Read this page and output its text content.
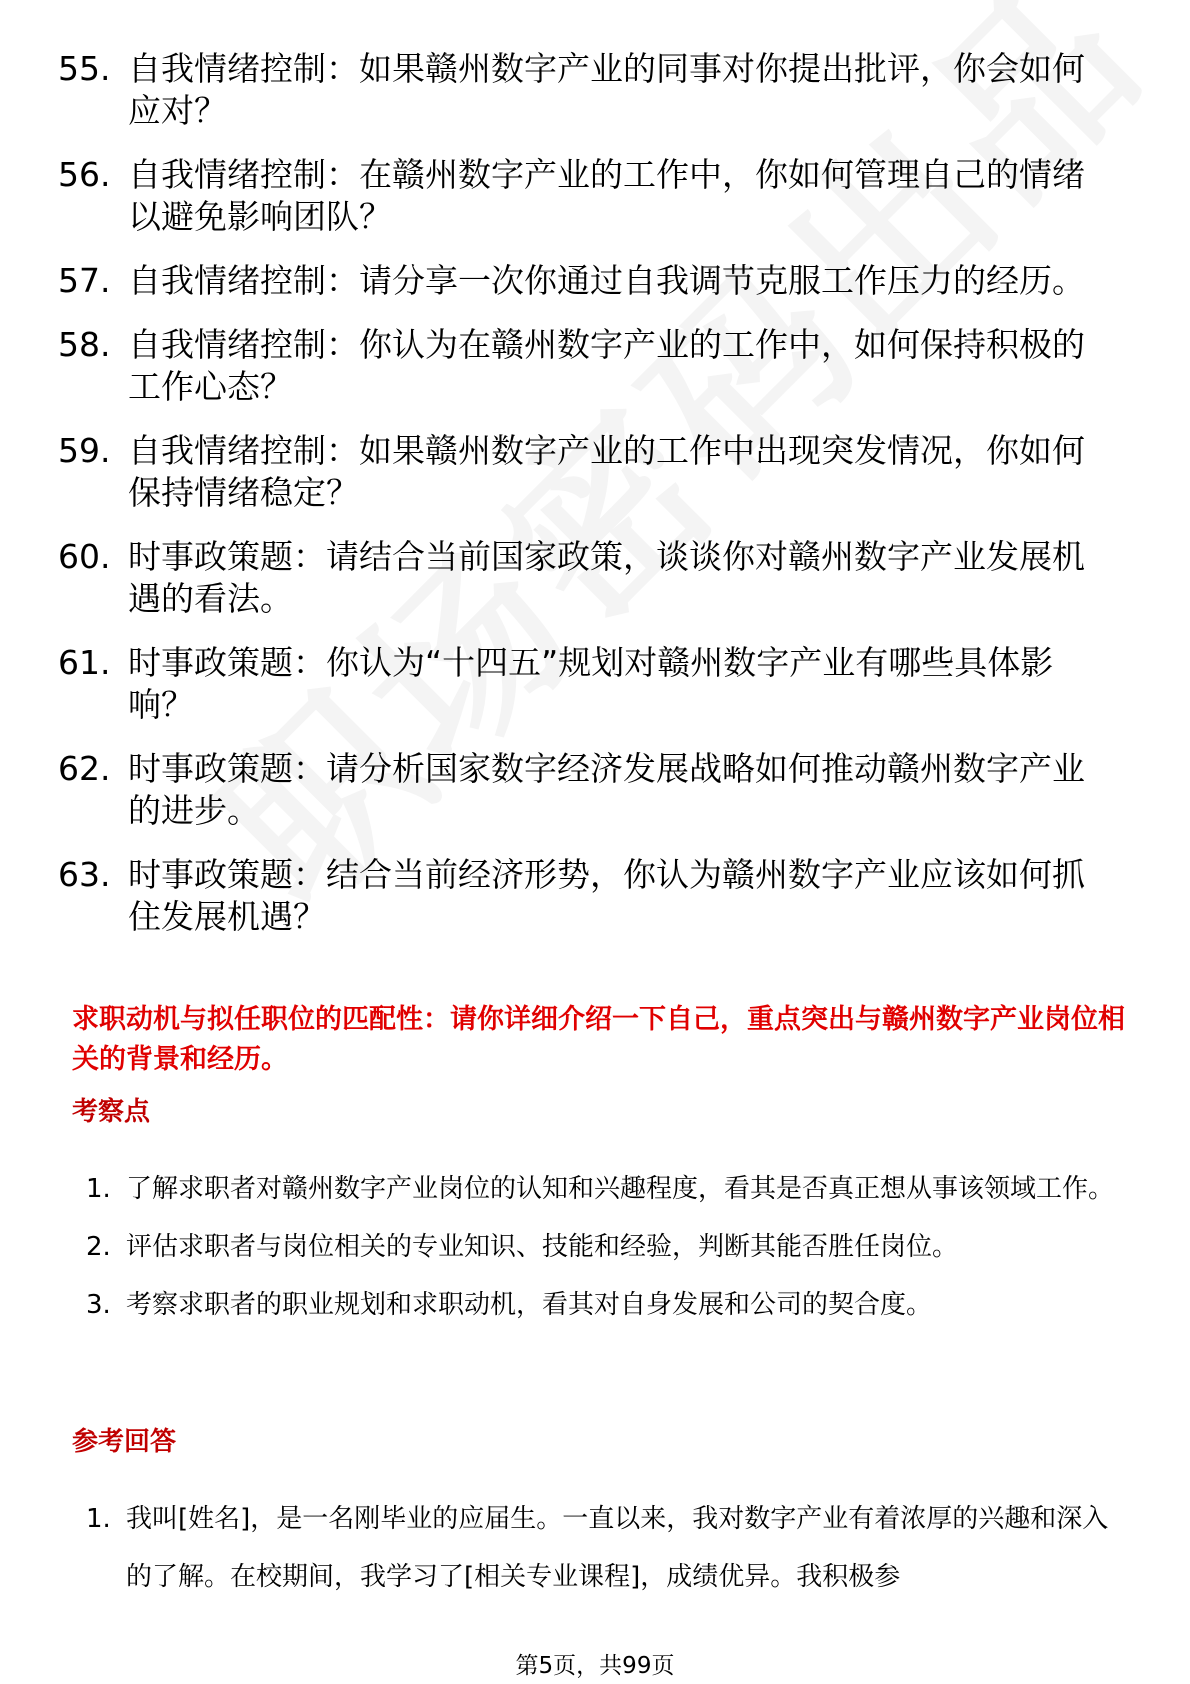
55. 自我情绪控制：如果赣州数字产业的同事对你提出批评，你会如何应对？
56. 自我情绪控制：在赣州数字产业的工作中，你如何管理自己的情绪以避免影响团队？
57. 自我情绪控制：请分享一次你通过自我调节克服工作压力的经历。
58. 自我情绪控制：你认为在赣州数字产业的工作中，如何保持积极的工作心态？
59. 自我情绪控制：如果赣州数字产业的工作中出现突发情况，你如何保持情绪稳定？
60. 时事政策题：请结合当前国家政策，谈谈你对赣州数字产业发展机遇的看法。
61. 时事政策题：你认为“十四五”规划对赣州数字产业有哪些具体影响？
62. 时事政策题：请分析国家数字经济发展战略如何推动赣州数字产业的进步。
63. 时事政策题：结合当前经济形势，你认为赣州数字产业应该如何抓住发展机遇？
求职动机与拟任职位的匹配性：请你详细介绍一下自己，重点突出与赣州数字产业岗位相关的背景和经历。
考察点
1. 了解求职者对赣州数字产业岗位的认知和兴趣程度，看其是否真正想从事该领域工作。
2. 评估求职者与岗位相关的专业知识、技能和经验，判断其能否胜任岗位。
3. 考察求职者的职业规划和求职动机，看其对自身发展和公司的契合度。
参考回答
1. 我叫[姓名]，是一名刚毕业的应届生。一直以来，我对数字产业有着浓厚的兴趣和深入的了解。在校期间，我学习了[相关专业课程]，成绩优异。我积极参
第5页，共99页
